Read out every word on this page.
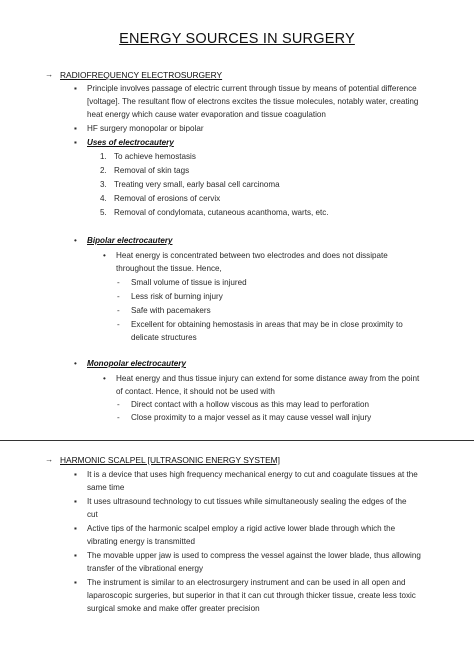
ENERGY SOURCES IN SURGERY
→ RADIOFREQUENCY ELECTROSURGERY
▪ Principle involves passage of electric current through tissue by means of potential difference
[voltage]. The resultant flow of electrons excites the tissue molecules, notably water, creating
heat energy which cause water evaporation and tissue coagulation
▪ HF surgery monopolar or bipolar
▪ Uses of electrocautery
1. To achieve hemostasis
2. Removal of skin tags
3. Treating very small, early basal cell carcinoma
4. Removal of erosions of cervix
5. Removal of condylomata, cutaneous acanthoma, warts, etc.
• Bipolar electrocautery
• Heat energy is concentrated between two electrodes and does not dissipate
throughout the tissue. Hence,
- Small volume of tissue is injured
- Less risk of burning injury
- Safe with pacemakers
- Excellent for obtaining hemostasis in areas that may be in close proximity to
delicate structures
• Monopolar electrocautery
• Heat energy and thus tissue injury can extend for some distance away from the point
of contact. Hence, it should not be used with
- Direct contact with a hollow viscous as this may lead to perforation
- Close proximity to a major vessel as it may cause vessel wall injury
→ HARMONIC SCALPEL [ULTRASONIC ENERGY SYSTEM]
▪ It is a device that uses high frequency mechanical energy to cut and coagulate tissues at the
same time
▪ It uses ultrasound technology to cut tissues while simultaneously sealing the edges of the
cut
▪ Active tips of the harmonic scalpel employ a rigid active lower blade through which the
vibrating energy is transmitted
▪ The movable upper jaw is used to compress the vessel against the lower blade, thus allowing
transfer of the vibrational energy
▪ The instrument is similar to an electrosurgery instrument and can be used in all open and
laparoscopic surgeries, but superior in that it can cut through thicker tissue, create less toxic
surgical smoke and make offer greater precision
